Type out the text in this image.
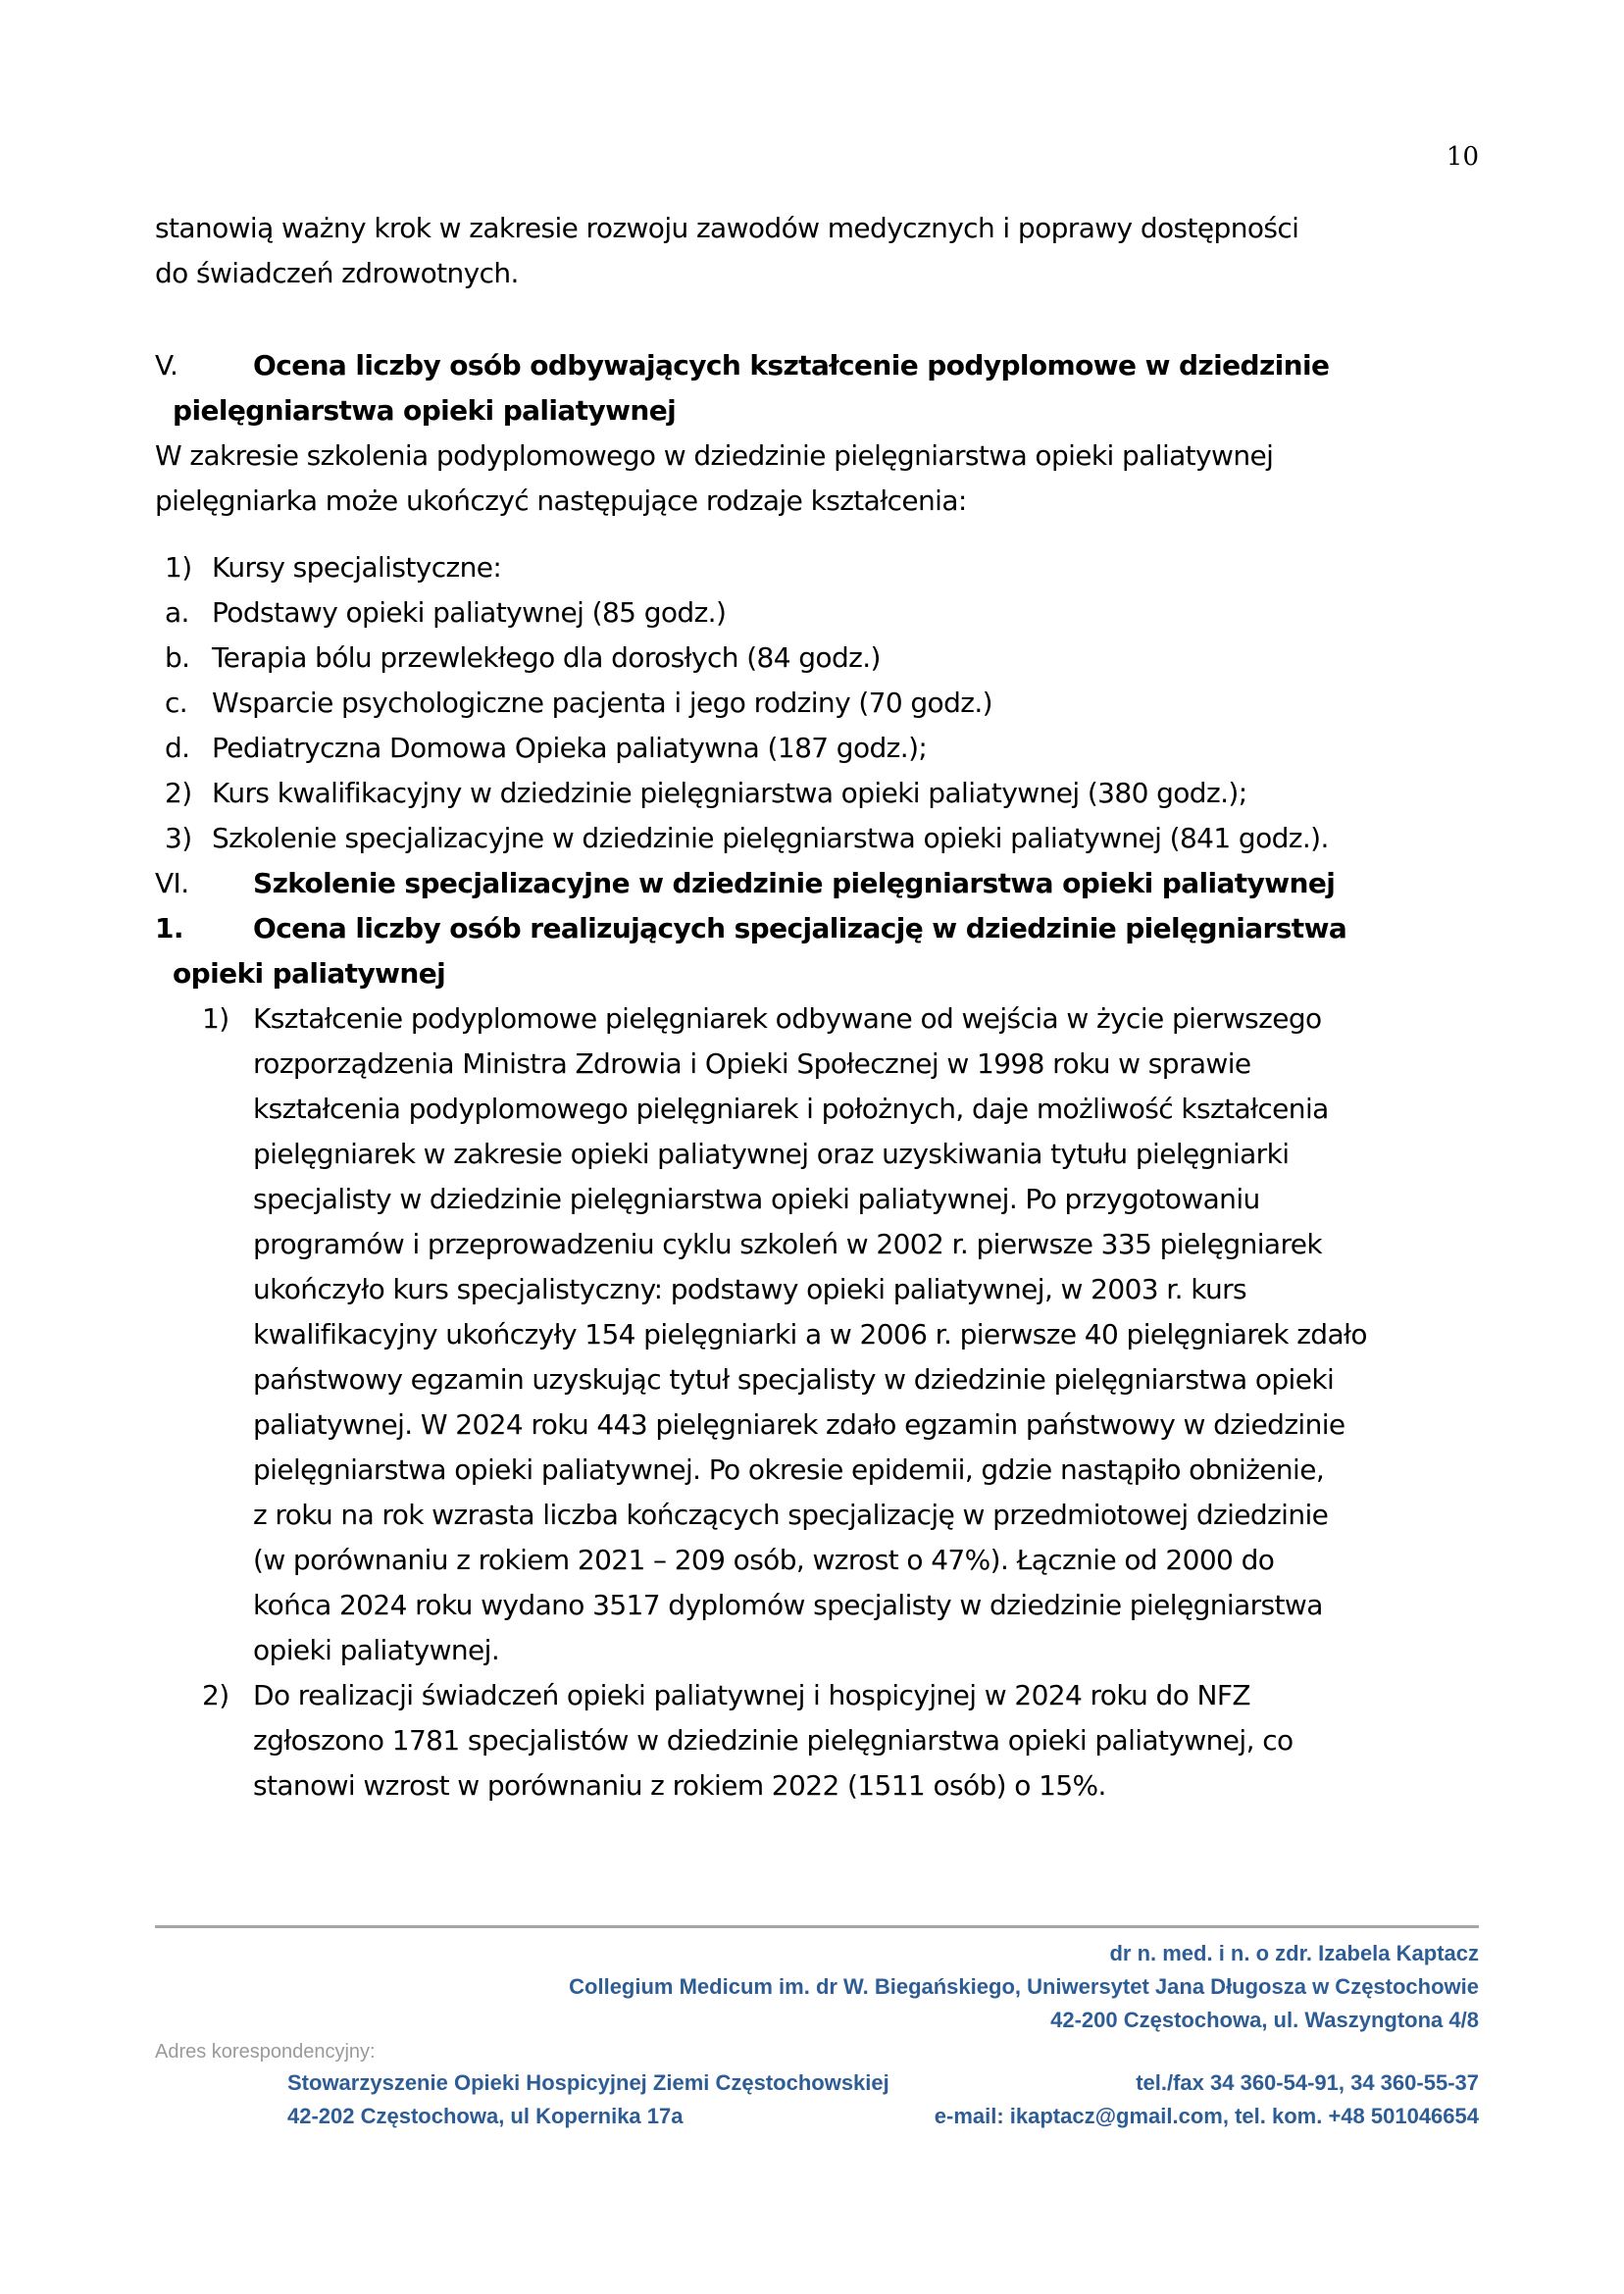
10
stanowią ważny krok w zakresie rozwoju zawodów medycznych i poprawy dostępności
do świadczeń zdrowotnych.
V.	Ocena liczby osób odbywających kształcenie podyplomowe w dziedzinie
pielęgniarstwa opieki paliatywnej
W zakresie szkolenia podyplomowego w dziedzinie pielęgniarstwa opieki paliatywnej
pielęgniarka może ukończyć następujące rodzaje kształcenia:
1) Kursy specjalistyczne:
a. Podstawy opieki paliatywnej (85 godz.)
b. Terapia bólu przewlekłego dla dorosłych (84 godz.)
c. Wsparcie psychologiczne pacjenta i jego rodziny (70 godz.)
d. Pediatryczna Domowa Opieka paliatywna (187 godz.);
2) Kurs kwalifikacyjny w dziedzinie pielęgniarstwa opieki paliatywnej (380 godz.);
3) Szkolenie specjalizacyjne w dziedzinie pielęgniarstwa opieki paliatywnej (841 godz.).
VI. Szkolenie specjalizacyjne w dziedzinie pielęgniarstwa opieki paliatywnej
1.	Ocena liczby osób realizujących specjalizację w dziedzinie pielęgniarstwa
opieki paliatywnej
1) Kształcenie podyplomowe pielęgniarek odbywane od wejścia w życie pierwszego
rozporządzenia Ministra Zdrowia i Opieki Społecznej w 1998 roku w sprawie
kształcenia podyplomowego pielęgniarek i położnych, daje możliwość kształcenia
pielęgniarek w zakresie opieki paliatywnej oraz uzyskiwania tytułu pielęgniarki
specjalisty w dziedzinie pielęgniarstwa opieki paliatywnej. Po przygotowaniu
programów i przeprowadzeniu cyklu szkoleń w 2002 r. pierwsze 335 pielęgniarek
ukończyło kurs specjalistyczny: podstawy opieki paliatywnej, w 2003 r. kurs
kwalifikacyjny ukończyły 154 pielęgniarki a w 2006 r. pierwsze 40 pielęgniarek zdało
państwowy egzamin uzyskując tytuł specjalisty w dziedzinie pielęgniarstwa opieki
paliatywnej. W 2024 roku 443 pielęgniarek zdało egzamin państwowy w dziedzinie
pielęgniarstwa opieki paliatywnej. Po okresie epidemii, gdzie nastąpiło obniżenie,
z roku na rok wzrasta liczba kończących specjalizację w przedmiotowej dziedzinie
(w porównaniu z rokiem 2021 – 209 osób, wzrost o 47%). Łącznie od 2000 do
końca 2024 roku wydano 3517 dyplomów specjalisty w dziedzinie pielęgniarstwa
opieki paliatywnej.
2) Do realizacji świadczeń opieki paliatywnej i hospicyjnej w 2024 roku do NFZ
zgłoszono 1781 specjalistów w dziedzinie pielęgniarstwa opieki paliatywnej, co
stanowi wzrost w porównaniu z rokiem 2022 (1511 osób) o 15%.
dr n. med. i n. o zdr. Izabela Kaptacz
Collegium Medicum im. dr W. Biegańskiego, Uniwersytet Jana Długosza w Częstochowie
42-200 Częstochowa, ul. Waszyngtona 4/8
Adres korespondencyjny:
Stowarzyszenie Opieki Hospicyjnej Ziemi Częstochowskiej	tel./fax 34 360-54-91, 34 360-55-37
42-202 Częstochowa, ul Kopernika 17a	e-mail: ikaptacz@gmail.com, tel. kom. +48 501046654
